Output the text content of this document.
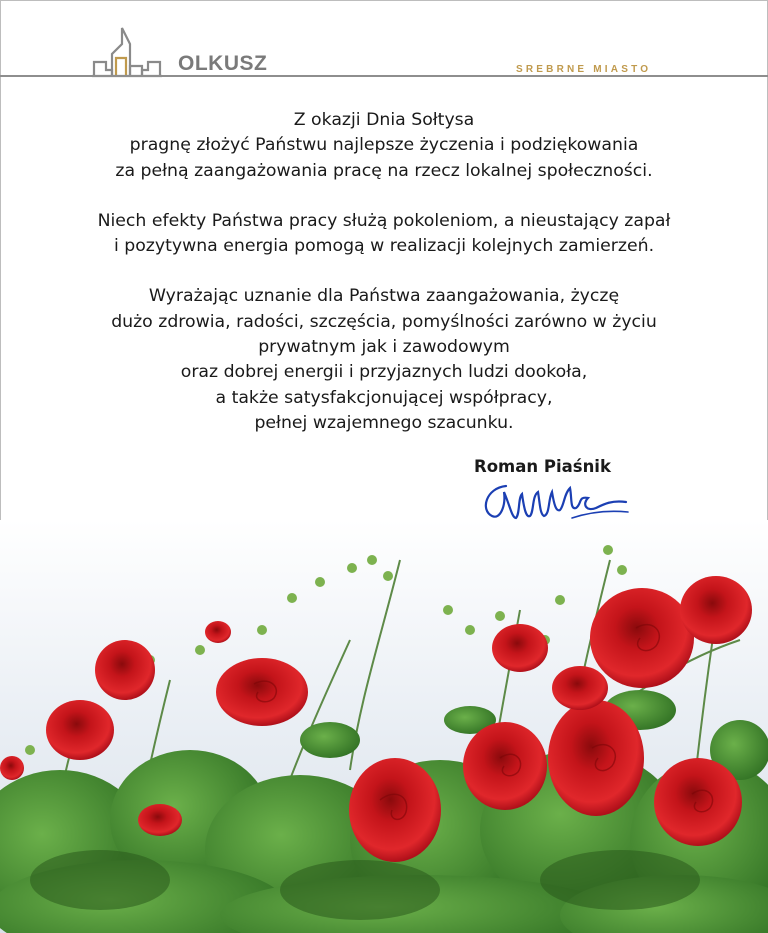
OLKUSZ	SREBRNE MIASTO
Z okazji Dnia Sołtysa
pragnę złożyć Państwu najlepsze życzenia i podziękowania
za pełną zaangażowania pracę na rzecz lokalnej społeczności.
Niech efekty Państwa pracy służą pokoleniom, a nieustający zapał
i pozytywna energia pomogą w realizacji kolejnych zamierzeń.
Wyrażając uznanie dla Państwa zaangażowania, życzę
dużo zdrowia, radości, szczęścia, pomyślności zarówno w życiu
prywatnym jak i zawodowym
oraz dobrej energii i przyjaznych ludzi dookoła,
a także satysfakcjonującej współpracy,
pełnej wzajemnego szacunku.
Roman Piaśnik
